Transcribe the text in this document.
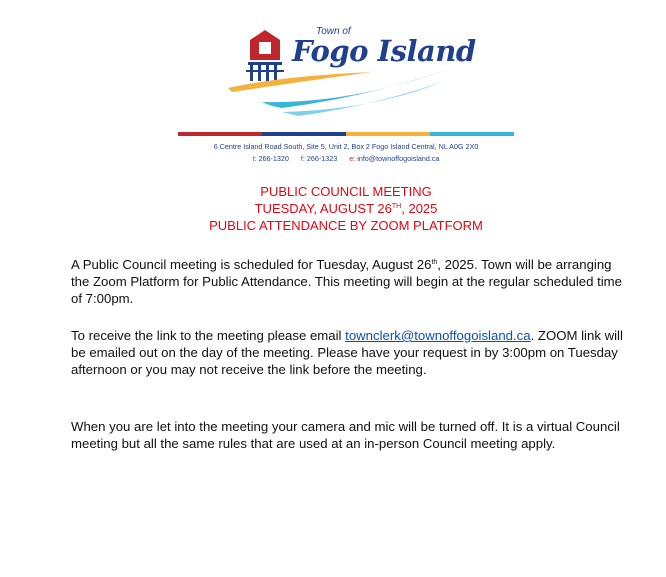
Town of
Fogo Island
6 Centre Island Road South, Site 5, Unit 2, Box 2 Fogo Island Central, NL A0G 2X0
t: 266-1320 f: 266-1323 e: info@townoffogoisland.ca
PUBLIC COUNCIL MEETING
TUESDAY, AUGUST 26TH, 2025
PUBLIC ATTENDANCE BY ZOOM PLATFORM
A Public Council meeting is scheduled for Tuesday, August 26th, 2025. Town will be arranging the Zoom Platform for Public Attendance. This meeting will begin at the regular scheduled time of 7:00pm.
To receive the link to the meeting please email townclerk@townoffogoisland.ca. ZOOM link will be emailed out on the day of the meeting. Please have your request in by 3:00pm on Tuesday afternoon or you may not receive the link before the meeting.
When you are let into the meeting your camera and mic will be turned off. It is a virtual Council meeting but all the same rules that are used at an in-person Council meeting apply.
